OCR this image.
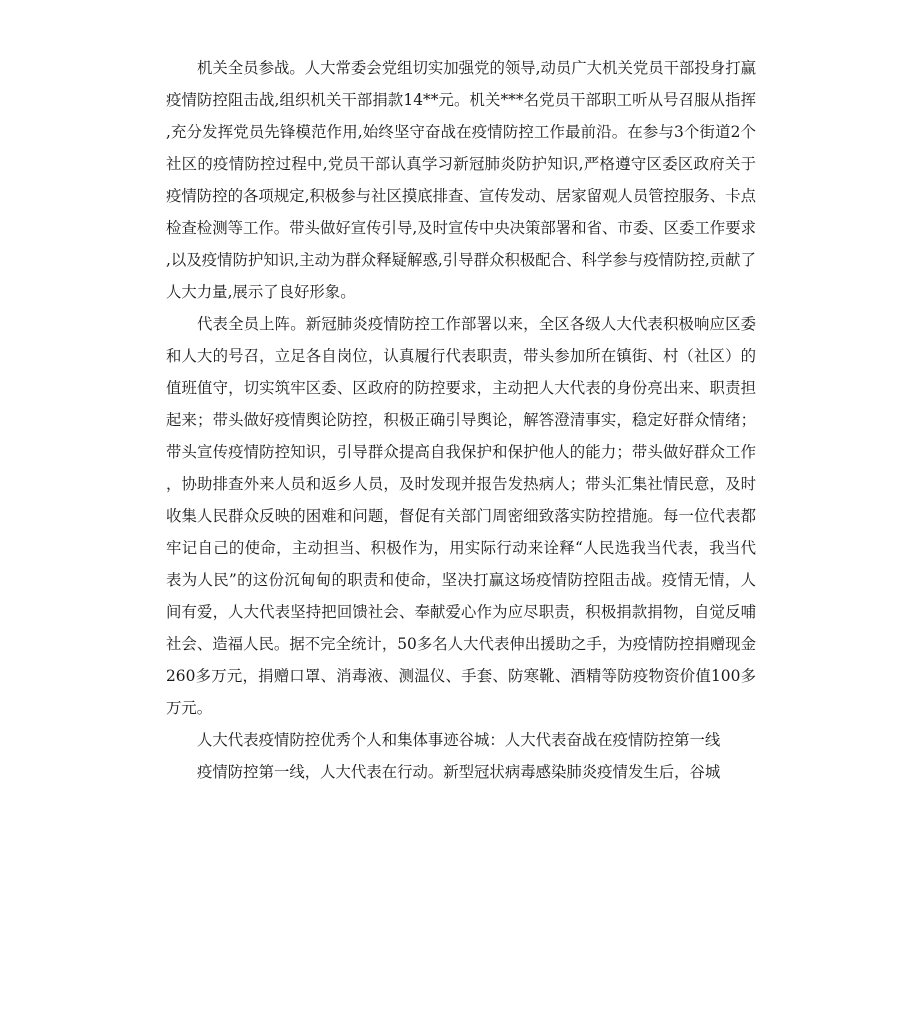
机关全员参战。人大常委会党组切实加强党的领导,动员广大机关党员干部投身打赢疫情防控阻击战,组织机关干部捐款14**元。机关***名党员干部职工听从号召服从指挥,充分发挥党员先锋模范作用,始终坚守奋战在疫情防控工作最前沿。在参与3个街道2个社区的疫情防控过程中,党员干部认真学习新冠肺炎防护知识,严格遵守区委区政府关于疫情防控的各项规定,积极参与社区摸底排查、宣传发动、居家留观人员管控服务、卡点检查检测等工作。带头做好宣传引导,及时宣传中央决策部署和省、市委、区委工作要求,以及疫情防护知识,主动为群众释疑解惑,引导群众积极配合、科学参与疫情防控,贡献了人大力量,展示了良好形象。

代表全员上阵。新冠肺炎疫情防控工作部署以来，全区各级人大代表积极响应区委和人大的号召，立足各自岗位，认真履行代表职责，带头参加所在镇街、村（社区）的值班值守，切实筑牢区委、区政府的防控要求，主动把人大代表的身份亮出来、职责担起来；带头做好疫情舆论防控，积极正确引导舆论，解答澄清事实，稳定好群众情绪；带头宣传疫情防控知识，引导群众提高自我保护和保护他人的能力；带头做好群众工作，协助排查外来人员和返乡人员，及时发现并报告发热病人；带头汇集社情民意，及时收集人民群众反映的困难和问题，督促有关部门周密细致落实防控措施。每一位代表都牢记自己的使命，主动担当、积极作为，用实际行动来诠释“人民选我当代表，我当代表为人民”的这份沉甸甸的职责和使命，坚决打赢这场疫情防控阻击战。疫情无情，人间有爱，人大代表坚持把回馈社会、奉献爱心作为应尽职责，积极捐款捐物，自觉反哺社会、造福人民。据不完全统计，50多名人大代表伸出援助之手，为疫情防控捐赠现金260多万元，捐赠口罩、消毒液、测温仪、手套、防寒靴、酒精等防疫物资价值100多万元。

人大代表疫情防控优秀个人和集体事迹谷城：人大代表奋战在疫情防控第一线

疫情防控第一线，人大代表在行动。新型冠状病毒感染肺炎疫情发生后，谷城
